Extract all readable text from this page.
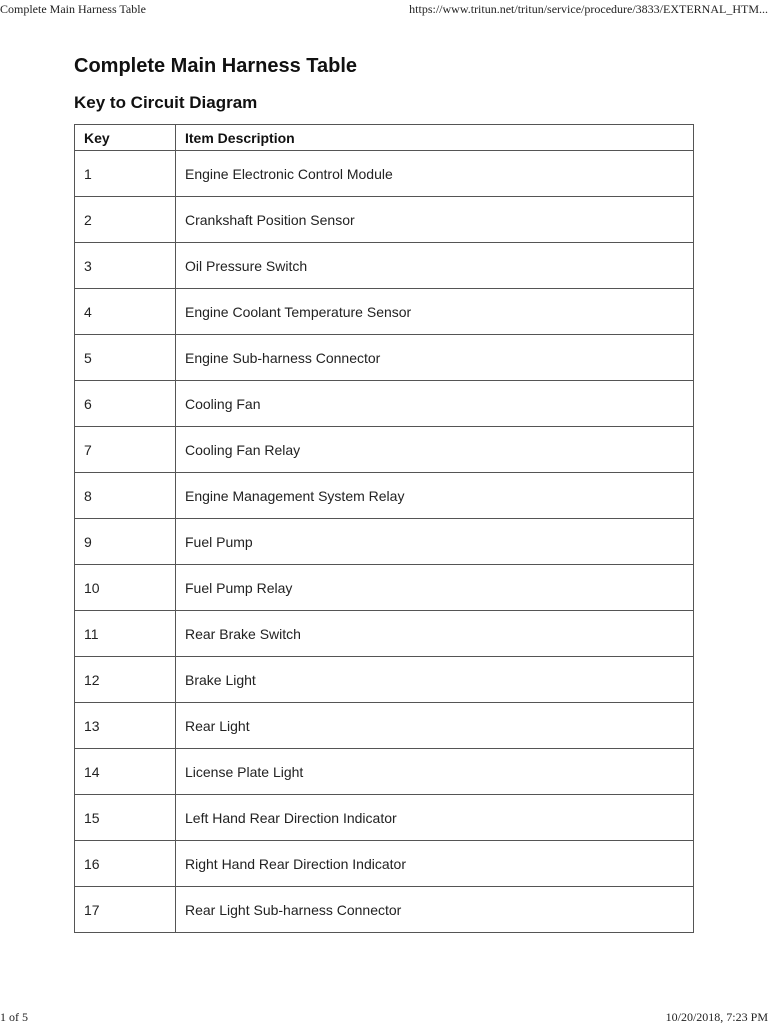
Complete Main Harness Table	https://www.tritun.net/tritun/service/procedure/3833/EXTERNAL_HTM...
Complete Main Harness Table
Key to Circuit Diagram
Key	Item Description
1	Engine Electronic Control Module
2	Crankshaft Position Sensor
3	Oil Pressure Switch
4	Engine Coolant Temperature Sensor
5	Engine Sub-harness Connector
6	Cooling Fan
7	Cooling Fan Relay
8	Engine Management System Relay
9	Fuel Pump
10	Fuel Pump Relay
11	Rear Brake Switch
12	Brake Light
13	Rear Light
14	License Plate Light
15	Left Hand Rear Direction Indicator
16	Right Hand Rear Direction Indicator
17	Rear Light Sub-harness Connector
1 of 5	10/20/2018, 7:23 PM
